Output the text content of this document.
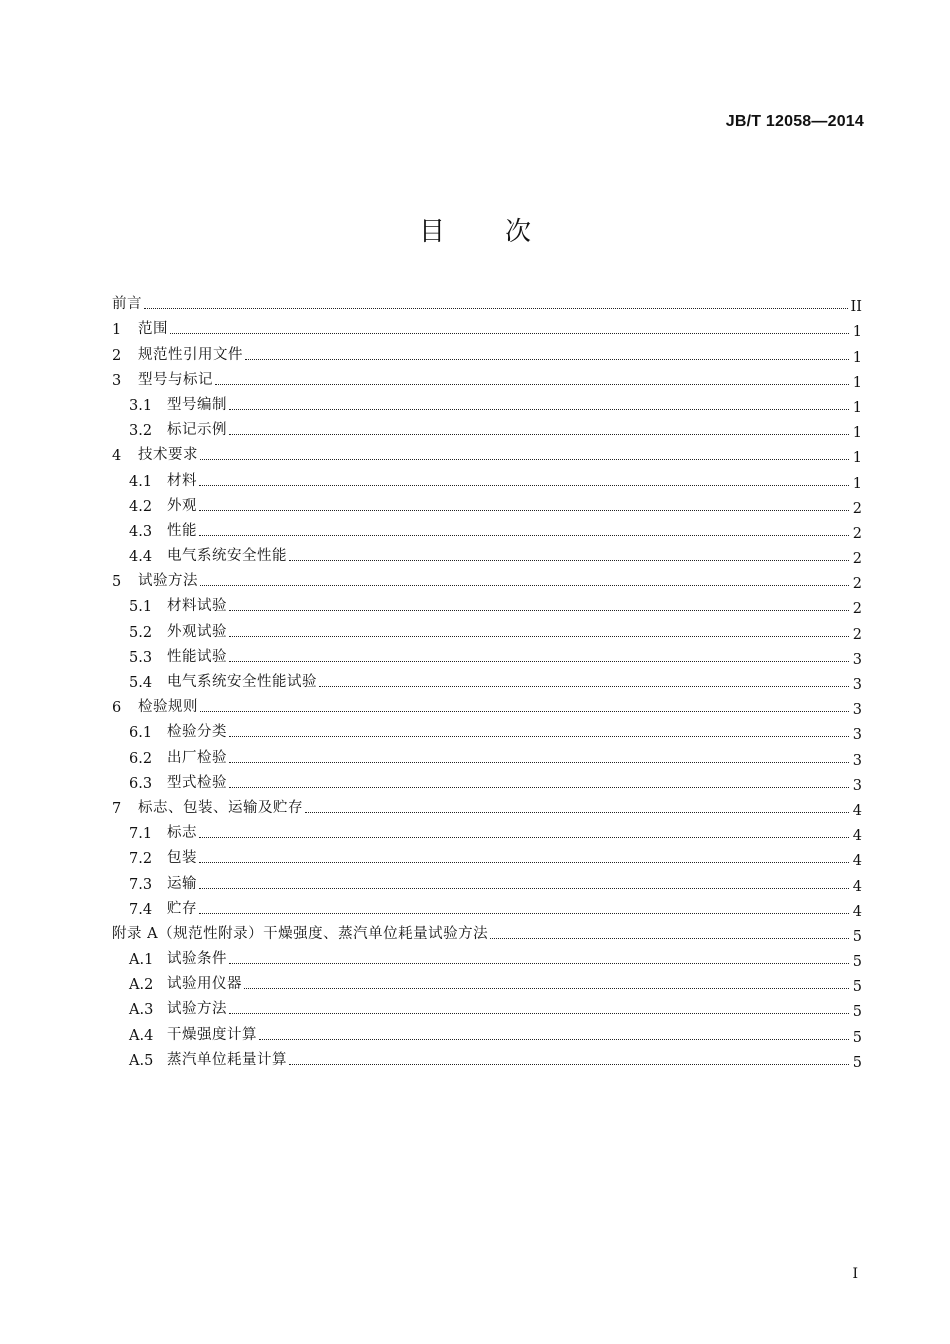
JB/T 12058—2014
目次
前言	II
1	范围	1
2	规范性引用文件	1
3	型号与标记	1
3.1	型号编制	1
3.2	标记示例	1
4	技术要求	1
4.1	材料	1
4.2	外观	2
4.3	性能	2
4.4	电气系统安全性能	2
5	试验方法	2
5.1	材料试验	2
5.2	外观试验	2
5.3	性能试验	3
5.4	电气系统安全性能试验	3
6	检验规则	3
6.1	检验分类	3
6.2	出厂检验	3
6.3	型式检验	3
7	标志、包装、运输及贮存	4
7.1	标志	4
7.2	包装	4
7.3	运输	4
7.4	贮存	4
附录 A（规范性附录）干燥强度、蒸汽单位耗量试验方法	5
A.1 试验条件	5
A.2 试验用仪器	5
A.3 试验方法	5
A.4 干燥强度计算	5
A.5 蒸汽单位耗量计算	5
I
